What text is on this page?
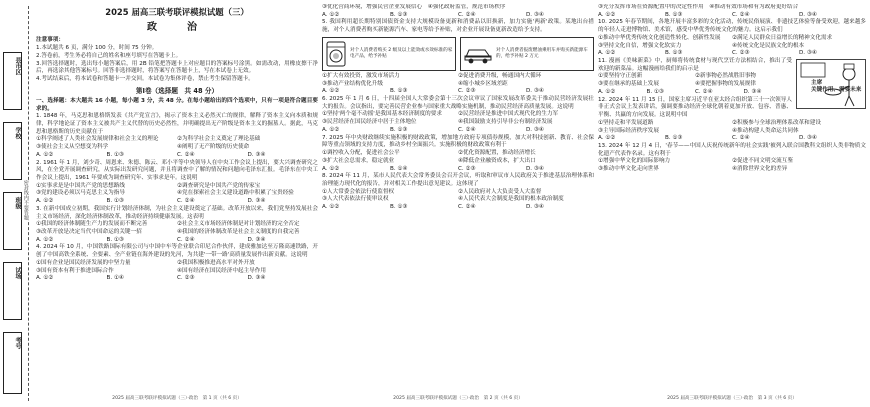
密封线内不要答题
县市区
学校
班级
试场
考号
2025 届高三联考联评模拟试题（三）
政　治

注意事项：

1.本试题共 6 页，满分 100 分，时间 75 分钟。

2.答卷前，考生务必将自己的姓名和座号填写在答题卡上。

3.回答选择题时，选出每小题答案后，用 2B 铅笔把答题卡上对应题目的答案标号涂黑。如需改动，用橡皮擦干净后，再选涂其他答案标号。回答非选择题时，将答案写在答题卡上，写在本试卷上无效。

4.考试结束后，将本试卷和答题卡一并交回。本试卷为集体评卷，禁止考生保留答题卡。

第Ⅰ卷（选择题　共 48 分）

一、选择题：本大题共 16 小题，每小题 3 分，共 48 分。在每小题给出的四个选项中，只有一项是符合题目要求的。

1. 1848 年，马克思和恩格斯发表《共产党宣言》，揭示了资本主义必然灭亡的规律，解释了资本主义向本质和规律，科学地论证了资本主义被共产主义代替的历史必然性，并明确提出无产阶级是资本主义的掘墓人。据此，马克思和恩格斯的历史贡献在于

①科学阐述了人类社会发展规律和社会主义的理论	②为科学社会主义奠定了理论基础
③使社会主义从空想变为科学	④阐明了无产阶级的历史使命
A. ①②	B. ①③	C. ②④	D. ③④

2. 1961 年 1 月，刘少奇、周恩来、朱德、陈云、邓小平等中央领导人在中央工作会议上提出，要大兴调查研究之风，在全党开展调查研究，从实际出发研究问题，并且将调查中了解的情况和问题向毛泽东汇报。毛泽东在中央工作会议上提出，1961 年要成为调查研究年、实事求是年。这说明

①实事求是是中国共产党的思想路线	②调查研究是中国共产党的传家宝
③党的建设必须以马克思主义为指导	④党在探索社会主义建设道路中积累了宝贵经验
A. ①②	B. ①③	C. ②④	D. ③④

3. 在新中国成立初期，我国实行计划经济体制，为社会主义建设奠定了基础。改革开放以来，我们党坚持发展社会主义市场经济，深化经济体制改革，推动经济持续健康发展。这表明

①我国的经济体制随生产力的发展而不断完善	②社会主义市场经济体制是对计划经济的完全否定
③改革开放是决定当代中国命运的关键一招	④我国的经济体制改革是社会主义制度的自我完善
A. ①②	B. ①③	C. ②④	D. ③④

4. 2024 年 10 月，中国铁路国际有限公司与中国中车等企业联合印尼合作伙伴，建成雅加达至万隆高速铁路，开创了中国高铁全系统、全要素、全产业链在海外建设的先河，为共建'一带一路'高质量发展作出新贡献。这说明

①国有企业是国民经济发展的中坚力量	②我国积极推进高水平对外开放
③国有资本有利于推进国际合作	④国有经济在国民经济中起主导作用
A. ①②	B. ①④	C. ②③	D. ③④
2025 届高三联考联评模拟试题（三）·政治　第 1 页（共 6 页）

③优化营商环境，增强民营企业发展信心　④强化政府监管，规范市场秩序

A. ①②	B. ①③	C. ②④	D. ③④

5. 我国利用超长期特别国债资金支持大规模设备更新和消费品以旧换新，加力实施'两新'政策。某地出台措施，对个人消费者购买新能源汽车、家电等给予补贴，对企业开展设备更新改造给予支持。

对个人消费者购买 2 级及以上能效或水效标准的家电产品，给予补贴
对个人消费者报废燃油乘用车并购买新能源车的，给予补贴 2 万元
①扩大有效投资，激发市场活力	②促进消费升级，畅通国内大循环
③推动产业结构优化升级	④缩小城乡区域差距
A. ①②	B. ①③	C. ②③	D. ③④

6. 2025 年 1 月 6 日，十四届全国人大常委会第十三次会议审议了国家发展改革委关于推动民营经济发展壮大的报告。会议指出，要完善民营企业参与国家重大战略实施机制，推动民营经济高质量发展。这说明

①坚持'两个毫不动摇'是我国基本经济制度的要求	②民营经济是推进中国式现代化的生力军
③民营经济在国民经济中居于主体地位	④我国鼓励支持引导非公有制经济发展
A. ①②	B. ①③	C. ②④	D. ③④

7. 2025 年中央财政继续实施积极的财政政策，增加地方政府专项债券规模，加大对科技创新、教育、社会保障等重点领域的支持力度，推动乡村全面振兴。实施积极的财政政策有利于

①调控收入分配，促进社会公平	②优化资源配置，推动经济增长
③扩大社会总需求，稳定就业	④降低企业融资成本，扩大出口
A. ①②	B. ①④	C. ②③	D. ③④

8. 2024 年 11 月，某市人民代表大会常务委员会召开会议，听取和审议市人民政府关于推进基层治理体系和治理能力现代化的报告，并对相关工作提出意见建议。这体现了

①人大常委会依法行使监督权	②人民政府对人大负责受人大监督
③人大代表依法行使审议权	④人民代表大会制度是我国的根本政治制度
A. ①②	B. ①③	C. ②④	D. ③④
2025 届高三联考联评模拟试题（三）·政治　第 2 页（共 6 页）

③充分发挥市场在资源配置中的决定性作用　④推动有效市场和有为政府更好结合

A. ①②	B. ①③	C. ②④	D. ③④

10. 2025 年春节期间，各地开展丰富多彩的文化活动，传统民俗展演、非遗技艺体验等备受欢迎，越来越多的年轻人走进博物馆、美术馆，感受中华优秀传统文化的魅力。这启示我们

①推动中华优秀传统文化创造性转化、创新性发展	②满足人民群众日益增长的精神文化需求
③坚持文化自信，增强文化软实力	④传统文化是民族文化的根本
A. ①②	B. ①③	C. ②③	D. ③④
主席
关键作用、需要未来

11. 漫画《美味新菜》中，厨师将传统食材与现代烹饪方法相结合，推出了受欢迎的新菜品。这幅漫画给我们的启示是

①要坚持守正创新	②新事物必然战胜旧事物
③要在继承的基础上发展	④要把握事物的发展规律
A. ①②	B. ①③	C. ②④	D. ③④

12. 2024 年 11 月 15 日，国家主席习近平在亚太经合组织第三十一次领导人非正式会议上发表讲话，强调要推动经济全球化朝着更加开放、包容、普惠、平衡、共赢的方向发展。这说明中国

①坚持走和平发展道路	②积极参与全球治理体系改革和建设
③主导国际经济秩序发展	④推动构建人类命运共同体
A. ①②	B. ①③	C. ②④	D. ③④

13. 2024 年 12 月 4 日，'春节——中国人庆祝传统新年的社会实践'被列入联合国教科文组织人类非物质文化遗产代表作名录。这有利于

①增强中华文化的国际影响力	②促进不同文明交流互鉴
③推动中华文化走向世界	④消除世界文化的差异
2025 届高三联考联评模拟试题（三）·政治　第 3 页（共 6 页）
